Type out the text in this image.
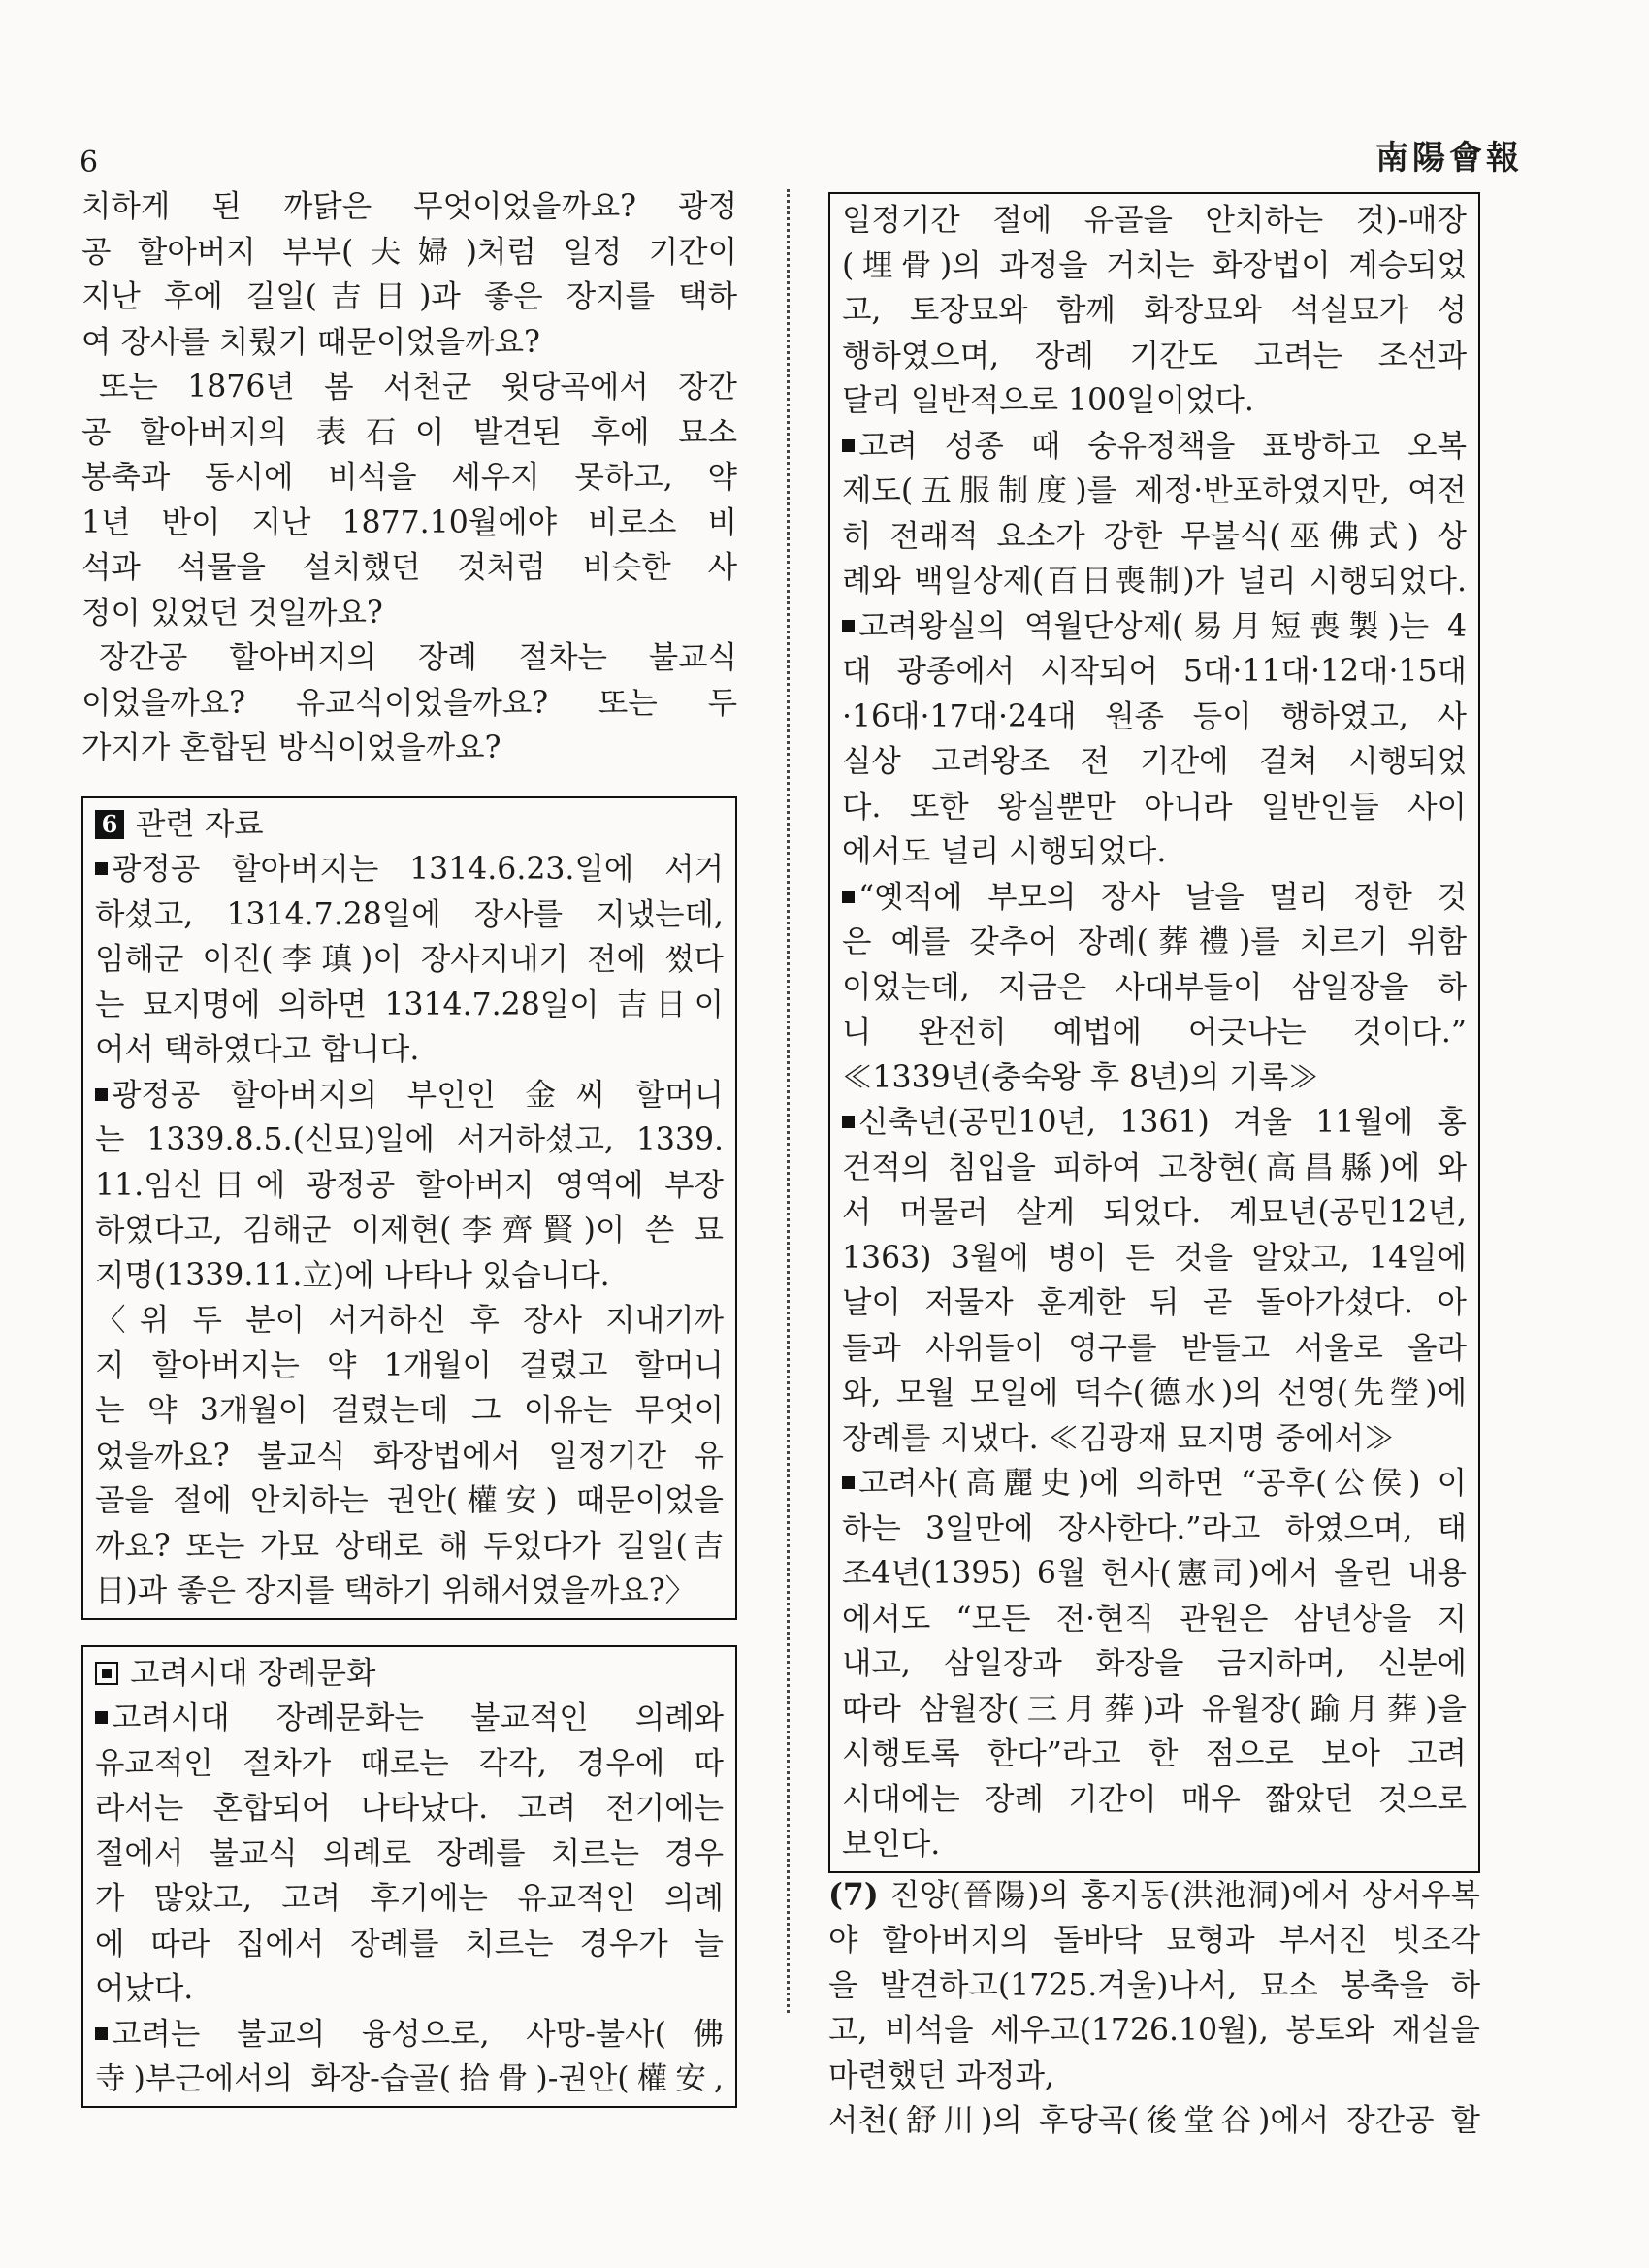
6	南陽會報

치하게 된 까닭은 무엇이었을까요? 광정

공 할아버지 부부(夫婦)처럼 일정 기간이

지난 후에 길일(吉日)과 좋은 장지를 택하

여 장사를 치뤘기 때문이었을까요?

또는 1876년 봄 서천군 윗당곡에서 장간

공 할아버지의 表石이 발견된 후에 묘소

봉축과 동시에 비석을 세우지 못하고, 약

1년 반이 지난 1877.10월에야 비로소 비

석과 석물을 설치했던 것처럼 비슷한 사

정이 있었던 것일까요?

장간공 할아버지의 장례 절차는 불교식

이었을까요? 유교식이었을까요? 또는 두

가지가 혼합된 방식이었을까요?

6 관련 자료

광정공 할아버지는 1314.6.23.일에 서거

하셨고, 1314.7.28일에 장사를 지냈는데,

임해군 이진(李瑱)이 장사지내기 전에 썼다

는 묘지명에 의하면 1314.7.28일이 吉日이

어서 택하였다고 합니다.

광정공 할아버지의 부인인 金씨 할머니

는 1339.8.5.(신묘)일에 서거하셨고, 1339.

11.임신日에 광정공 할아버지 영역에 부장

하였다고, 김해군 이제현(李齊賢)이 쓴 묘

지명(1339.11.立)에 나타나 있습니다.

〈위 두 분이 서거하신 후 장사 지내기까

지 할아버지는 약 1개월이 걸렸고 할머니

는 약 3개월이 걸렸는데 그 이유는 무엇이

었을까요? 불교식 화장법에서 일정기간 유

골을 절에 안치하는 권안(權安) 때문이었을

까요? 또는 가묘 상태로 해 두었다가 길일(吉

日)과 좋은 장지를 택하기 위해서였을까요?〉

고려시대 장례문화

고려시대 장례문화는 불교적인 의례와

유교적인 절차가 때로는 각각, 경우에 따

라서는 혼합되어 나타났다. 고려 전기에는

절에서 불교식 의례로 장례를 치르는 경우

가 많았고, 고려 후기에는 유교적인 의례

에 따라 집에서 장례를 치르는 경우가 늘

어났다.

고려는 불교의 융성으로, 사망-불사(佛

寺)부근에서의 화장-습골(拾骨)-권안(權安,

일정기간 절에 유골을 안치하는 것)-매장

(埋骨)의 과정을 거치는 화장법이 계승되었

고, 토장묘와 함께 화장묘와 석실묘가 성

행하였으며, 장례 기간도 고려는 조선과

달리 일반적으로 100일이었다.

고려 성종 때 숭유정책을 표방하고 오복

제도(五服制度)를 제정·반포하였지만, 여전

히 전래적 요소가 강한 무불식(巫佛式) 상

례와 백일상제(百日喪制)가 널리 시행되었다.

고려왕실의 역월단상제(易月短喪製)는 4

대 광종에서 시작되어 5대·11대·12대·15대

·16대·17대·24대 원종 등이 행하였고, 사

실상 고려왕조 전 기간에 걸쳐 시행되었

다. 또한 왕실뿐만 아니라 일반인들 사이

에서도 널리 시행되었다.

“옛적에 부모의 장사 날을 멀리 정한 것

은 예를 갖추어 장례(葬禮)를 치르기 위함

이었는데, 지금은 사대부들이 삼일장을 하

니 완전히 예법에 어긋나는 것이다.”

≪1339년(충숙왕 후 8년)의 기록≫

신축년(공민10년, 1361) 겨울 11월에 홍

건적의 침입을 피하여 고창현(高昌縣)에 와

서 머물러 살게 되었다. 계묘년(공민12년,

1363) 3월에 병이 든 것을 알았고, 14일에

날이 저물자 훈계한 뒤 곧 돌아가셨다. 아

들과 사위들이 영구를 받들고 서울로 올라

와, 모월 모일에 덕수(德水)의 선영(先塋)에

장례를 지냈다. ≪김광재 묘지명 중에서≫

고려사(高麗史)에 의하면 “공후(公侯) 이

하는 3일만에 장사한다.”라고 하였으며, 태

조4년(1395) 6월 헌사(憲司)에서 올린 내용

에서도 “모든 전·현직 관원은 삼년상을 지

내고, 삼일장과 화장을 금지하며, 신분에

따라 삼월장(三月葬)과 유월장(踰月葬)을

시행토록 한다”라고 한 점으로 보아 고려

시대에는 장례 기간이 매우 짧았던 것으로

보인다.

(7) 진양(晉陽)의 홍지동(洪池洞)에서 상서우복

야 할아버지의 돌바닥 묘형과 부서진 빗조각

을 발견하고(1725.겨울)나서, 묘소 봉축을 하

고, 비석을 세우고(1726.10월), 봉토와 재실을

마련했던 과정과,

서천(舒川)의 후당곡(後堂谷)에서 장간공 할
